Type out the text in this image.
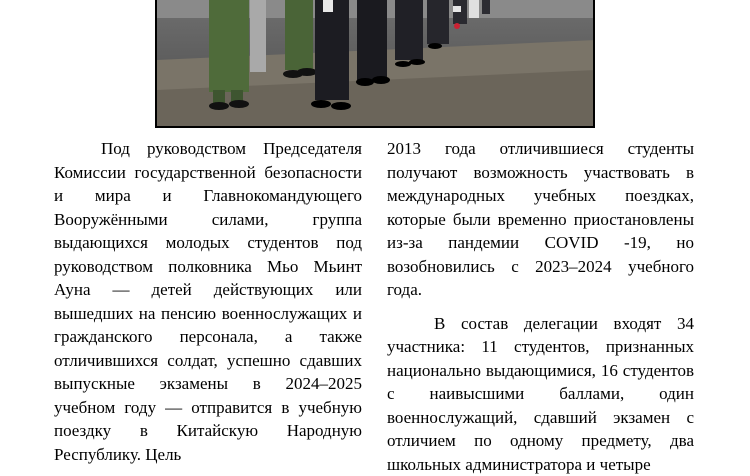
Под руководством Председателя Комиссии государственной безопасности и мира и Главнокомандующего Вооружёнными силами, группа выдающихся молодых студентов под руководством полковника Мьо Мьинт Ауна — детей действующих или вышедших на пенсию военнослужащих и гражданского персонала, а также отличившихся солдат, успешно сдавших выпускные экзамены в 2024–2025 учебном году — отправится в учебную поездку в Китайскую Народную Республику. Цель

2013 года отличившиеся студенты получают возможность участвовать в международных учебных поездках, которые были временно приостановлены из-за пандемии COVID -19, но возобновились с 2023–2024 учебного года.

В состав делегации входят 34 участника: 11 студентов, признанных национально выдающимися, 16 студентов с наивысшими баллами, один военнослужащий, сдавший экзамен с отличием по одному предмету, два школьных администратора и четыре
